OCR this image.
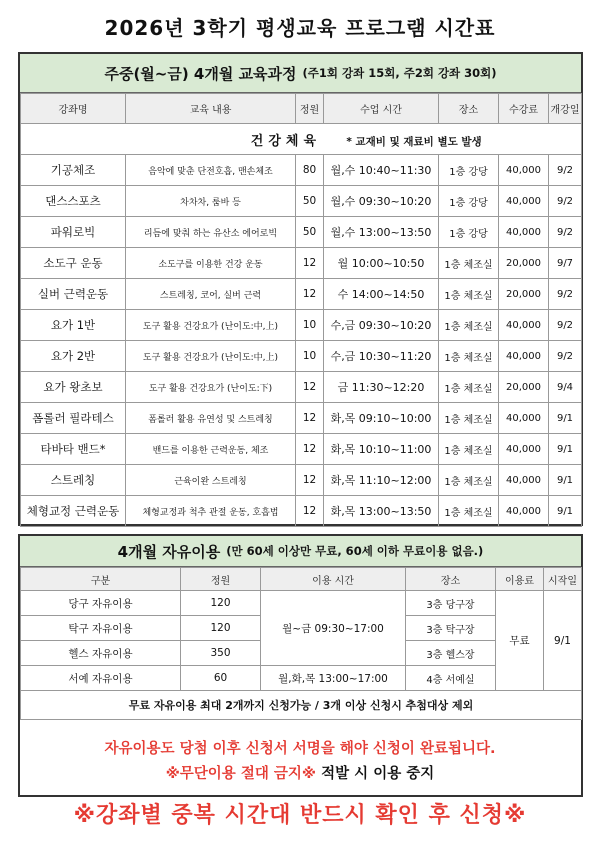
2026년 3학기 평생교육 프로그램 시간표
주중(월~금) 4개월 교육과정 (주1회 강좌 15회, 주2회 강좌 30회)
강좌명	교육 내용	정원	수업 시간	장소	수강료	개강일
건강체육 * 교재비 및 재료비 별도 발생						
기공체조	음악에 맞춘 단전호흡, 맨손체조	80	월,수 10:40~11:30	1층 강당	40,000	9/2
댄스스포츠	차차차, 룸바 등	50	월,수 09:30~10:20	1층 강당	40,000	9/2
파워로빅	리듬에 맞춰 하는 유산소 에어로빅	50	월,수 13:00~13:50	1층 강당	40,000	9/2
소도구 운동	소도구를 이용한 건강 운동	12	월 10:00~10:50	1층 체조실	20,000	9/7
실버 근력운동	스트레칭, 코어, 실버 근력	12	수 14:00~14:50	1층 체조실	20,000	9/2
요가 1반	도구 활용 건강요가 (난이도:中,上)	10	수,금 09:30~10:20	1층 체조실	40,000	9/2
요가 2반	도구 활용 건강요가 (난이도:中,上)	10	수,금 10:30~11:20	1층 체조실	40,000	9/2
요가 왕초보	도구 활용 건강요가 (난이도:下)	12	금 11:30~12:20	1층 체조실	20,000	9/4
폼롤러 필라테스	폼롤러 활용 유연성 및 스트레칭	12	화,목 09:10~10:00	1층 체조실	40,000	9/1
타바타 밴드*	밴드를 이용한 근력운동, 체조	12	화,목 10:10~11:00	1층 체조실	40,000	9/1
스트레칭	근육이완 스트레칭	12	화,목 11:10~12:00	1층 체조실	40,000	9/1
체형교정 근력운동	체형교정과 척추 관절 운동, 호흡법	12	화,목 13:00~13:50	1층 체조실	40,000	9/1
4개월 자유이용 (만 60세 이상만 무료, 60세 이하 무료이용 없음.)
구분	정원	이용 시간	장소	이용료	시작일
당구 자유이용	120	월~금 09:30~17:00	3층 당구장	무료	9/1
탁구 자유이용	120		3층 탁구장		
헬스 자유이용	350		3층 헬스장		
서예 자유이용	60	월,화,목 13:00~17:00	4층 서예실		
무료 자유이용 최대 2개까지 신청가능 / 3개 이상 신청시 추첨대상 제외					
자유이용도 당첨 이후 신청서 서명을 해야 신청이 완료됩니다.
※무단이용 절대 금지※ 적발 시 이용 중지
※강좌별 중복 시간대 반드시 확인 후 신청※
